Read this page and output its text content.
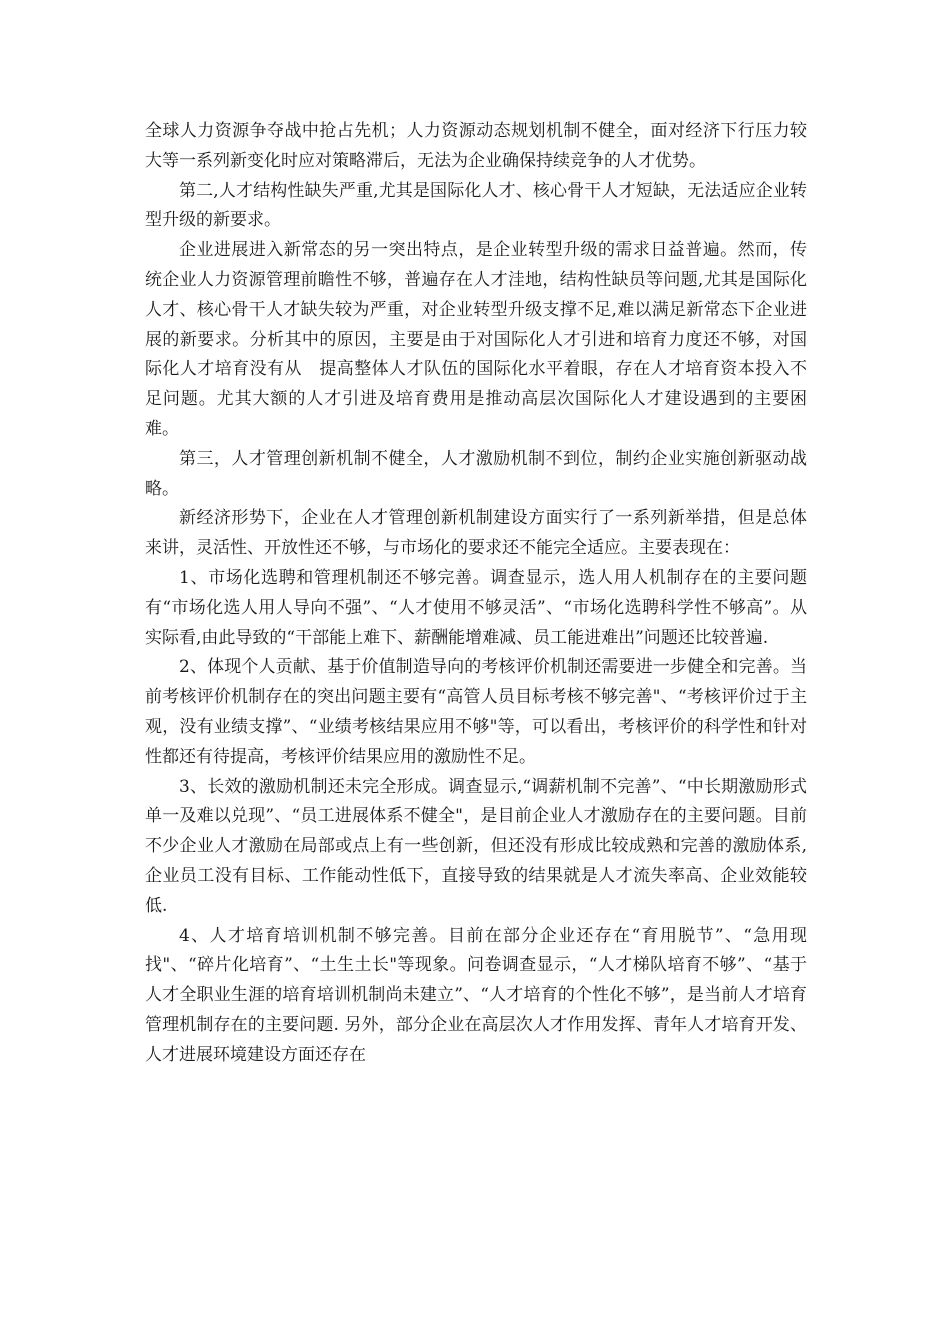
全球人力资源争夺战中抢占先机；人力资源动态规划机制不健全，面对经济下行压力较大等一系列新变化时应对策略滞后，无法为企业确保持续竞争的人才优势。

第二,人才结构性缺失严重,尤其是国际化人才、核心骨干人才短缺，无法适应企业转型升级的新要求。

企业进展进入新常态的另一突出特点，是企业转型升级的需求日益普遍。然而，传统企业人力资源管理前瞻性不够，普遍存在人才洼地，结构性缺员等问题,尤其是国际化人才、核心骨干人才缺失较为严重，对企业转型升级支撑不足,难以满足新常态下企业进展的新要求。分析其中的原因，主要是由于对国际化人才引进和培育力度还不够，对国际化人才培育没有从　提高整体人才队伍的国际化水平着眼，存在人才培育资本投入不足问题。尤其大额的人才引进及培育费用是推动高层次国际化人才建设遇到的主要困难。

第三，人才管理创新机制不健全，人才激励机制不到位，制约企业实施创新驱动战略。

新经济形势下，企业在人才管理创新机制建设方面实行了一系列新举措，但是总体来讲，灵活性、开放性还不够，与市场化的要求还不能完全适应。主要表现在：

1、市场化选聘和管理机制还不够完善。调查显示，选人用人机制存在的主要问题有“市场化选人用人导向不强”、“人才使用不够灵活”、“市场化选聘科学性不够高”。从实际看,由此导致的“干部能上难下、薪酬能增难减、员工能进难出”问题还比较普遍.

2、体现个人贡献、基于价值制造导向的考核评价机制还需要进一步健全和完善。当前考核评价机制存在的突出问题主要有“高管人员目标考核不够完善"、“考核评价过于主观，没有业绩支撑”、“业绩考核结果应用不够"等，可以看出，考核评价的科学性和针对性都还有待提高，考核评价结果应用的激励性不足。

3、长效的激励机制还未完全形成。调查显示,“调薪机制不完善”、“中长期激励形式单一及难以兑现”、“员工进展体系不健全"，是目前企业人才激励存在的主要问题。目前不少企业人才激励在局部或点上有一些创新，但还没有形成比较成熟和完善的激励体系,企业员工没有目标、工作能动性低下，直接导致的结果就是人才流失率高、企业效能较低.

4、人才培育培训机制不够完善。目前在部分企业还存在“育用脱节”、“急用现找"、“碎片化培育”、“土生土长"等现象。问卷调查显示，“人才梯队培育不够”、“基于人才全职业生涯的培育培训机制尚未建立”、“人才培育的个性化不够”，是当前人才培育管理机制存在的主要问题. 另外，部分企业在高层次人才作用发挥、青年人才培育开发、人才进展环境建设方面还存在
